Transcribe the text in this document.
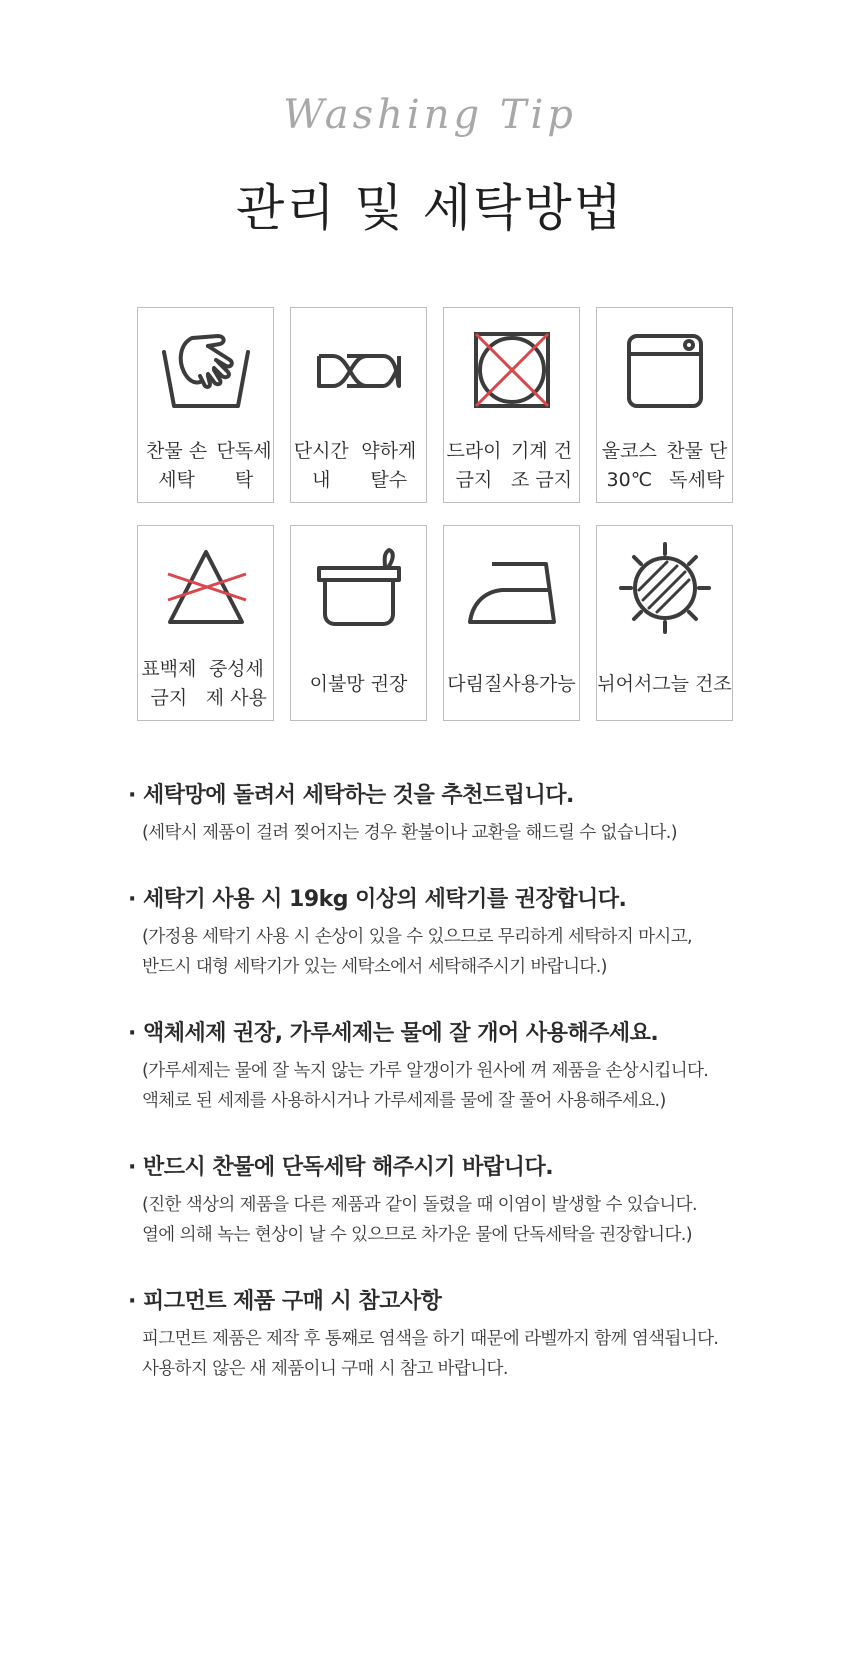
Washing Tip
관리 및 세탁방법
찬물 손세탁

단독세탁
단시간 내

약하게 탈수
드라이 금지

기계 건조 금지
울코스 30℃

찬물 단독세탁
표백제 금지

중성세제 사용
이불망 권장 다림질 사용가능 뉘어서 그늘 건조
· 세탁망에 돌려서 세탁하는 것을 추천드립니다.

(세탁시 제품이 걸려 찢어지는 경우 환불이나 교환을 해드릴 수 없습니다.)

· 세탁기 사용 시 19kg 이상의 세탁기를 권장합니다.

(가정용 세탁기 사용 시 손상이 있을 수 있으므로 무리하게 세탁하지 마시고,
반드시 대형 세탁기가 있는 세탁소에서 세탁해주시기 바랍니다.)

· 액체세제 권장, 가루세제는 물에 잘 개어 사용해주세요.

(가루세제는 물에 잘 녹지 않는 가루 알갱이가 원사에 껴 제품을 손상시킵니다.
액체로 된 세제를 사용하시거나 가루세제를 물에 잘 풀어 사용해주세요.)

· 반드시 찬물에 단독세탁 해주시기 바랍니다.

(진한 색상의 제품을 다른 제품과 같이 돌렸을 때 이염이 발생할 수 있습니다.
열에 의해 녹는 현상이 날 수 있으므로 차가운 물에 단독세탁을 권장합니다.)

· 피그먼트 제품 구매 시 참고사항

피그먼트 제품은 제작 후 통째로 염색을 하기 때문에 라벨까지 함께 염색됩니다.
사용하지 않은 새 제품이니 구매 시 참고 바랍니다.
